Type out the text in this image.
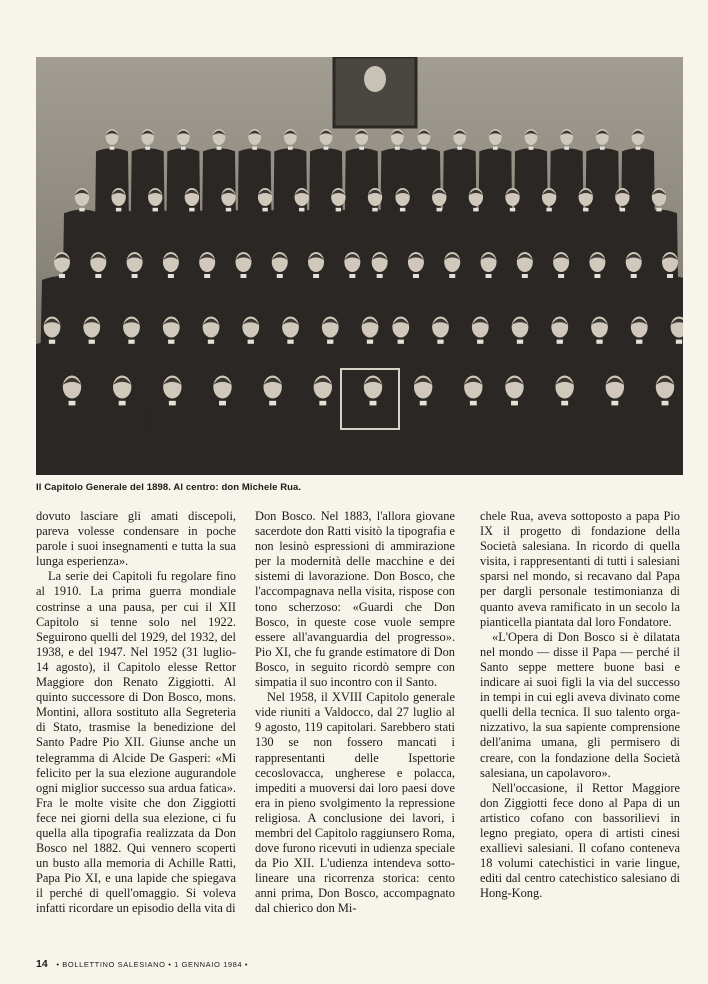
Il Capitolo Generale del 1898. Al centro: don Michele Rua.

dovuto lasciare gli amati discepoli, pareva volesse condensare in poche parole i suoi insegnamenti e tutta la sua lunga esperienza».

La serie dei Capitoli fu regolare fino al 1910. La prima guerra mondiale costrinse a una pausa, per cui il XII Capitolo si tenne solo nel 1922. Seguirono quelli del 1929, del 1932, del 1938, e del 1947. Nel 1952 (31 luglio-14 agosto), il Capitolo elesse Rettor Maggiore don Renato Ziggiotti. Al quinto successore di Don Bosco, mons. Montini, allora sostituto alla Segreteria di Stato, trasmise la benedizione del Santo Padre Pio XII. Giunse anche un telegramma di Alcide De Gasperi: «Mi felicito per la sua elezione augurandole ogni miglior successo sua ardua fatica». Fra le molte visite che don Ziggiotti fece nei giorni della sua elezione, ci fu quella alla tipografia realizzata da Don Bosco nel 1882. Qui vennero scoperti un busto alla memoria di Achille Ratti, Papa Pio XI, e una lapide che spiegava il perché di quell'omaggio. Si voleva infatti ricordare un episodio della vita di

Don Bosco. Nel 1883, l'allora giovane sacerdote don Ratti visitò la tipografia e non lesinò espressioni di ammirazione per la modernità delle macchine e dei sistemi di lavorazione. Don Bosco, che l'accompagnava nella visita, rispose con tono scherzoso: «Guardi che Don Bosco, in queste cose vuole sempre essere all'avanguardia del progresso». Pio XI, che fu grande estimatore di Don Bosco, in seguito ricordò sempre con simpatia il suo incontro con il Santo.

Nel 1958, il XVIII Capitolo generale vide riuniti a Valdocco, dal 27 luglio al 9 agosto, 119 capitolari. Sarebbero stati 130 se non fossero mancati i rappresentanti delle Ispettorie cecoslovacca, ungherese e polacca, impediti a muoversi dai loro paesi dove era in pieno svolgimento la repressione religiosa. A conclusione dei lavori, i membri del Capitolo raggiunsero Roma, dove furono ricevuti in udienza speciale da Pio XII. L'udienza intendeva sottolineare una ricorrenza storica: cento anni prima, Don Bosco, accompagnato dal chierico don Mi-

chele Rua, aveva sottoposto a papa Pio IX il progetto di fondazione della Società salesiana. In ricordo di quella visita, i rappresentanti di tutti i salesiani sparsi nel mondo, si recavano dal Papa per dargli personale testimonianza di quanto aveva ramificato in un secolo la pianticella piantata dal loro Fondatore.

«L'Opera di Don Bosco si è dilatata nel mondo — disse il Papa — perché il Santo seppe mettere buone basi e indicare ai suoi figli la via del successo in tempi in cui egli aveva divinato come quelli della tecnica. Il suo talento organizzativo, la sua sapiente comprensione dell'anima umana, gli permisero di creare, con la fondazione della Società salesiana, un capolavoro».

Nell'occasione, il Rettor Maggiore don Ziggiotti fece dono al Papa di un artistico cofano con bassorilievi in legno pregiato, opera di artisti cinesi exallievi salesiani. Il cofano conteneva 18 volumi catechistici in varie lingue, editi dal centro catechistico salesiano di Hong-Kong.

14 • BOLLETTINO SALESIANO • 1 GENNAIO 1984 •
